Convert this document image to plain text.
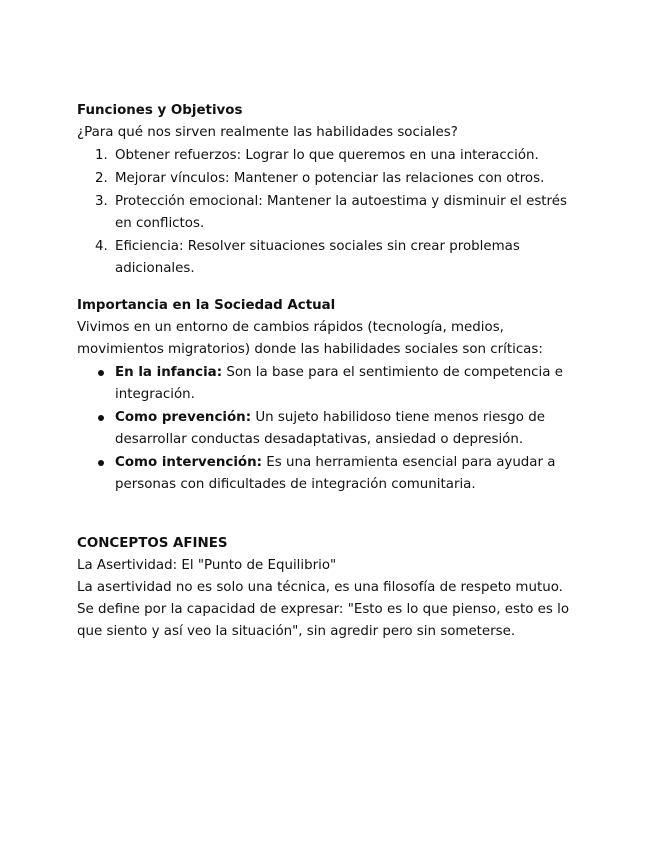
Funciones y Objetivos

¿Para qué nos sirven realmente las habilidades sociales?

1. Obtener refuerzos: Lograr lo que queremos en una interacción.
2. Mejorar vínculos: Mantener o potenciar las relaciones con otros.
3. Protección emocional: Mantener la autoestima y disminuir el estrés en conflictos.
4. Eficiencia: Resolver situaciones sociales sin crear problemas adicionales.

Importancia en la Sociedad Actual

Vivimos en un entorno de cambios rápidos (tecnología, medios, movimientos migratorios) donde las habilidades sociales son críticas:

En la infancia: Son la base para el sentimiento de competencia e integración.
Como prevención: Un sujeto habilidoso tiene menos riesgo de desarrollar conductas desadaptativas, ansiedad o depresión.
Como intervención: Es una herramienta esencial para ayudar a personas con dificultades de integración comunitaria.

CONCEPTOS AFINES

La Asertividad: El "Punto de Equilibrio"

La asertividad no es solo una técnica, es una filosofía de respeto mutuo. Se define por la capacidad de expresar: "Esto es lo que pienso, esto es lo que siento y así veo la situación", sin agredir pero sin someterse.
